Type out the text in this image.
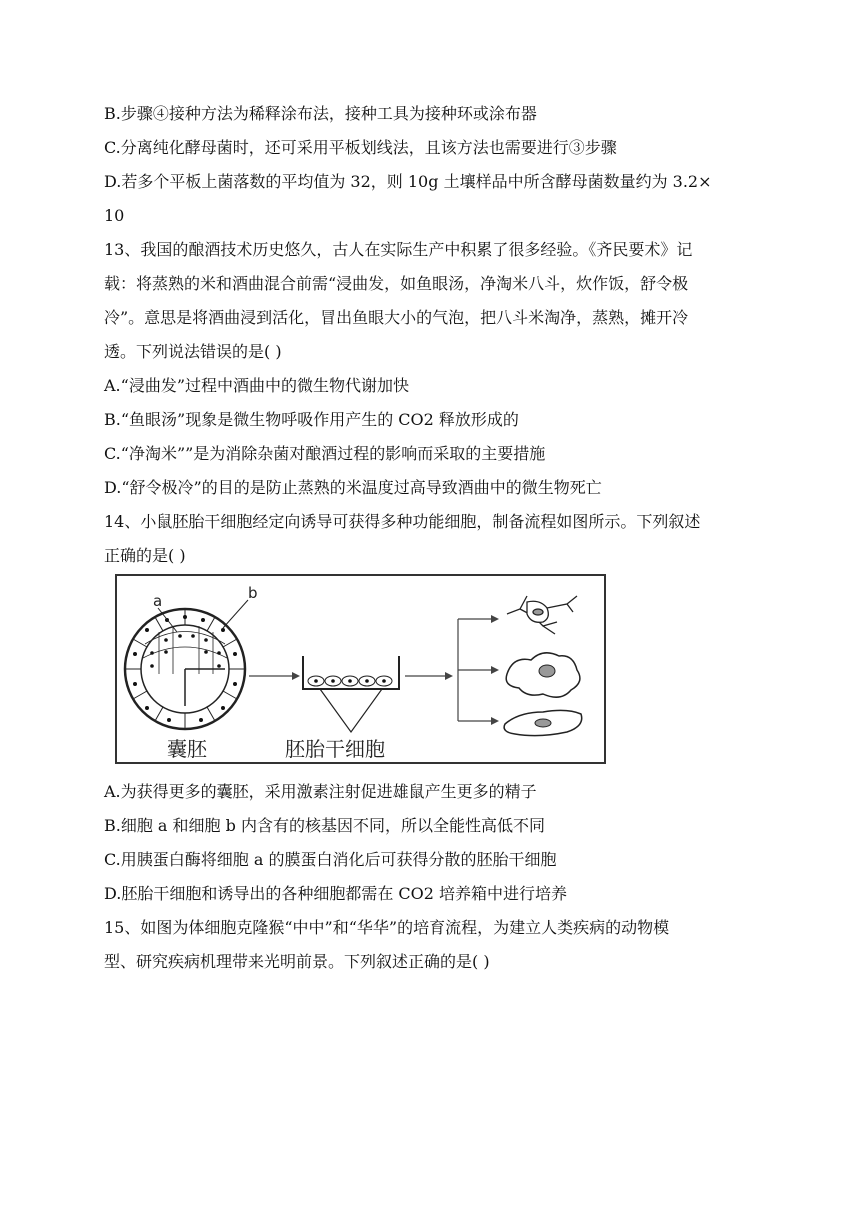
B.步骤④接种方法为稀释涂布法，接种工具为接种环或涂布器
C.分离纯化酵母菌时，还可采用平板划线法，且该方法也需要进行③步骤
D.若多个平板上菌落数的平均值为 32，则 10g 土壤样品中所含酵母菌数量约为 3.2×
10
13、我国的酿酒技术历史悠久，古人在实际生产中积累了很多经验。《齐民要术》记
载：将蒸熟的米和酒曲混合前需“浸曲发，如鱼眼汤，净淘米八斗，炊作饭，舒令极
冷”。意思是将酒曲浸到活化，冒出鱼眼大小的气泡，把八斗米淘净，蒸熟，摊开冷
透。下列说法错误的是( )
A.“浸曲发”过程中酒曲中的微生物代谢加快
B.“鱼眼汤”现象是微生物呼吸作用产生的 CO2 释放形成的
C.“净淘米””是为消除杂菌对酿酒过程的影响而采取的主要措施
D.“舒令极冷”的目的是防止蒸熟的米温度过高导致酒曲中的微生物死亡
14、小鼠胚胎干细胞经定向诱导可获得多种功能细胞，制备流程如图所示。下列叙述
正确的是( )
a	b
囊胚	胚胎干细胞
A.为获得更多的囊胚，采用激素注射促进雄鼠产生更多的精子
B.细胞 a 和细胞 b 内含有的核基因不同，所以全能性高低不同
C.用胰蛋白酶将细胞 a 的膜蛋白消化后可获得分散的胚胎干细胞
D.胚胎干细胞和诱导出的各种细胞都需在 CO2 培养箱中进行培养
15、如图为体细胞克隆猴“中中”和“华华”的培育流程，为建立人类疾病的动物模
型、研究疾病机理带来光明前景。下列叙述正确的是( )
